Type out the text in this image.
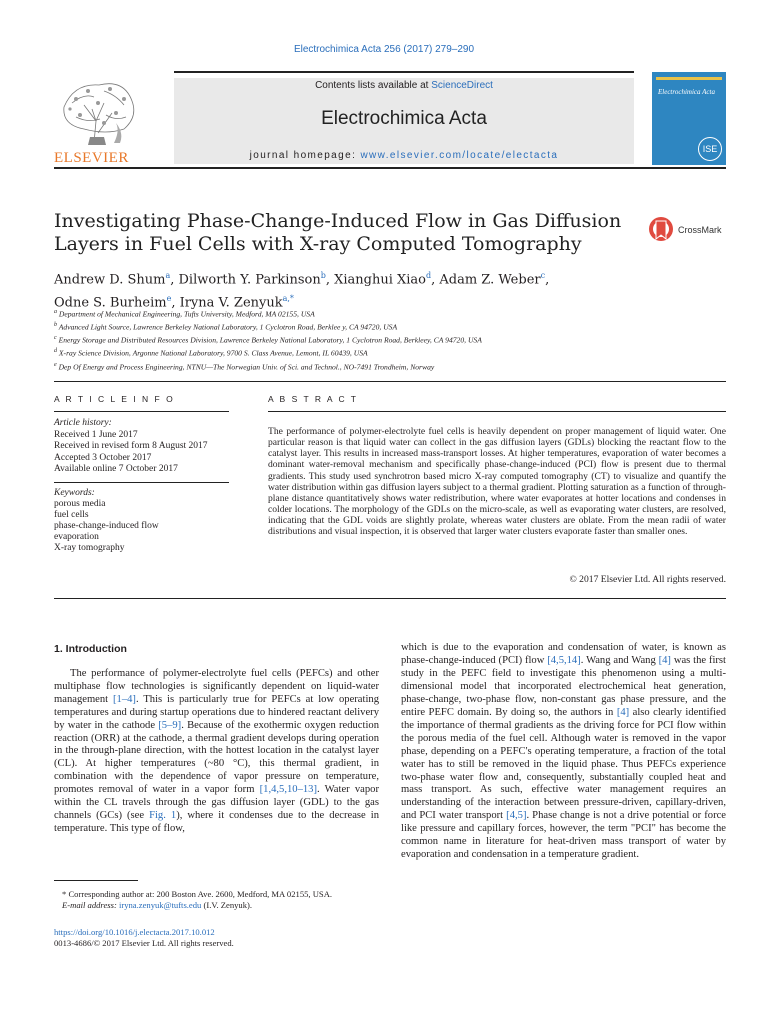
Electrochimica Acta 256 (2017) 279–290
ELSEVIER
Contents lists available at ScienceDirect
Electrochimica Acta
journal homepage: www.elsevier.com/locate/electacta
Electrochimica Acta
ISE
Investigating Phase-Change-Induced Flow in Gas Diffusion Layers in Fuel Cells with X-ray Computed Tomography
CrossMark
Andrew D. Shum$^a$, Dilworth Y. Parkinson$^b$, Xianghui Xiao$^d$, Adam Z. Weber$^c$,
Odne S. Burheim$^e$, Iryna V. Zenyuk$^{a,*}$
$^a$ Department of Mechanical Engineering, Tufts University, Medford, MA 02155, USA
$^b$ Advanced Light Source, Lawrence Berkeley National Laboratory, 1 Cyclotron Road, Berklee y, CA 94720, USA
$^c$ Energy Storage and Distributed Resources Division, Lawrence Berkeley National Laboratory, 1 Cyclotron Road, Berkleey, CA 94720, USA
$^d$ X-ray Science Division, Argonne National Laboratory, 9700 S. Class Avenue, Lemont, IL 60439, USA
$^e$ Dep Of Energy and Process Engineering, NTNU—The Norwegian Univ. of Sci. and Technol., NO-7491 Trondheim, Norway
A R T I C L E I N F O	A B S T R A C T
Article history:
Received 1 June 2017
Received in revised form 8 August 2017
Accepted 3 October 2017
Available online 7 October 2017
Keywords:
porous media
fuel cells
phase-change-induced flow
evaporation
X-ray tomography
The performance of polymer-electrolyte fuel cells is heavily dependent on proper management of liquid water. One particular reason is that liquid water can collect in the gas diffusion layers (GDLs) blocking the reactant flow to the catalyst layer. This results in increased mass-transport losses. At higher temperatures, evaporation of water becomes a dominant water-removal mechanism and specifically phase-change-induced (PCI) flow is present due to thermal gradients. This study used synchrotron based micro X-ray computed tomography (CT) to visualize and quantify the water distribution within gas diffusion layers subject to a thermal gradient. Plotting saturation as a function of through-plane distance quantitatively shows water redistribution, where water evaporates at hotter locations and condenses in colder locations. The morphology of the GDLs on the micro-scale, as well as evaporating water clusters, are resolved, indicating that the GDL voids are slightly prolate, whereas water clusters are oblate. From the mean radii of water distributions and visual inspection, it is observed that larger water clusters evaporate faster than smaller ones.
© 2017 Elsevier Ltd. All rights reserved.
1. Introduction
The performance of polymer-electrolyte fuel cells (PEFCs) and other multiphase flow technologies is significantly dependent on liquid-water management [1–4]. This is particularly true for PEFCs at low operating temperatures and during startup operations due to hindered reactant delivery by water in the cathode [5–9]. Because of the exothermic oxygen reduction reaction (ORR) at the cathode, a thermal gradient develops during operation in the through-plane direction, with the hottest location in the catalyst layer (CL). At higher temperatures (~80 °C), this thermal gradient, in combination with the dependence of vapor pressure on temperature, promotes removal of water in a vapor form [1,4,5,10–13]. Water vapor within the CL travels through the gas diffusion layer (GDL) to the gas channels (GCs) (see Fig. 1), where it condenses due to the decrease in temperature. This type of flow,
which is due to the evaporation and condensation of water, is known as phase-change-induced (PCI) flow [4,5,14]. Wang and Wang [4] was the first study in the PEFC field to investigate this phenomenon using a multi-dimensional model that incorporated electrochemical heat generation, phase-change, two-phase flow, non-constant gas phase pressure, and the entire PEFC domain. By doing so, the authors in [4] also clearly identified the importance of thermal gradients as the driving force for PCI flow within the porous media of the fuel cell. Although water is removed in the vapor phase, depending on a PEFC's operating temperature, a fraction of the total water has to still be removed in the liquid phase. Thus PEFCs experience two-phase water flow and, consequently, substantially coupled heat and mass transport. As such, effective water management requires an understanding of the interaction between pressure-driven, capillary-driven, and PCI water transport [4,5]. Phase change is not a drive potential or force like pressure and capillary forces, however, the term "PCI" has become the common name in literature for heat-driven mass transport of water by evaporation and condensation in a temperature gradient.
* Corresponding author at: 200 Boston Ave. 2600, Medford, MA 02155, USA.
E-mail address: iryna.zenyuk@tufts.edu (I.V. Zenyuk).
https://doi.org/10.1016/j.electacta.2017.10.012
0013-4686/© 2017 Elsevier Ltd. All rights reserved.
